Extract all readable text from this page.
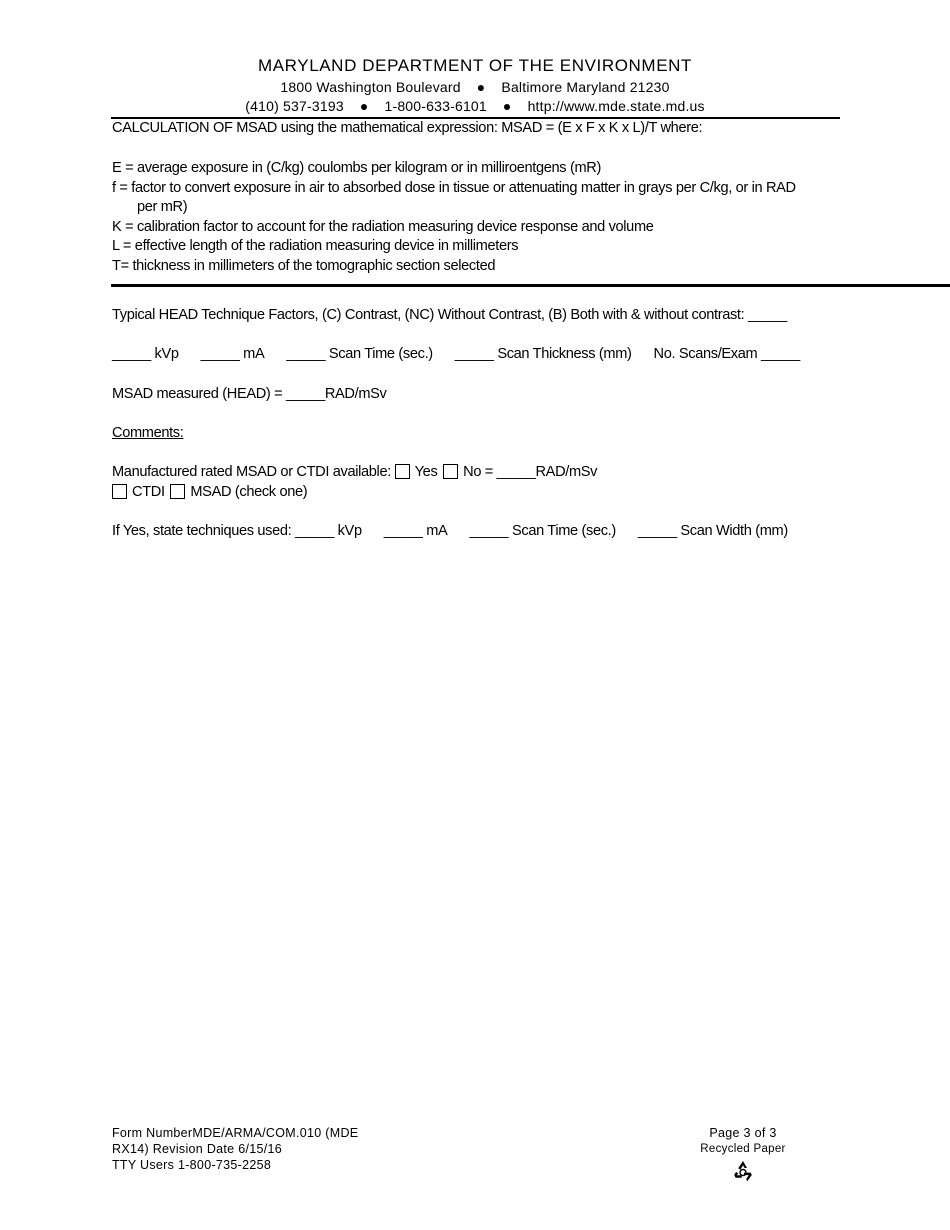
MARYLAND DEPARTMENT OF THE ENVIRONMENT
1800 Washington Boulevard ● Baltimore Maryland 21230
(410) 537-3193 ● 1-800-633-6101 ● http://www.mde.state.md.us
CALCULATION OF MSAD using the mathematical expression: MSAD = (E x F x K x L)/T where:
E = average exposure in (C/kg) coulombs per kilogram or in milliroentgens (mR)
f = factor to convert exposure in air to absorbed dose in tissue or attenuating matter in grays per C/kg, or in RAD
per mR)
K = calibration factor to account for the radiation measuring device response and volume
L = effective length of the radiation measuring device in millimeters
T= thickness in millimeters of the tomographic section selected
Typical HEAD Technique Factors, (C) Contrast, (NC) Without Contrast, (B) Both with & without contrast: _____
_____ kVp _____ mA _____ Scan Time (sec.) _____ Scan Thickness (mm) No. Scans/Exam _____
MSAD measured (HEAD) = _____RAD/mSv
Comments:
Manufactured rated MSAD or CTDI available: Yes No = _____RAD/mSv
CTDI MSAD (check one)
If Yes, state techniques used: _____ kVp _____ mA _____ Scan Time (sec.) _____ Scan Width (mm)
Form NumberMDE/ARMA/COM.010 (MDE
RX14) Revision Date 6/15/16
TTY Users 1-800-735-2258
Page 3 of 3
Recycled Paper
